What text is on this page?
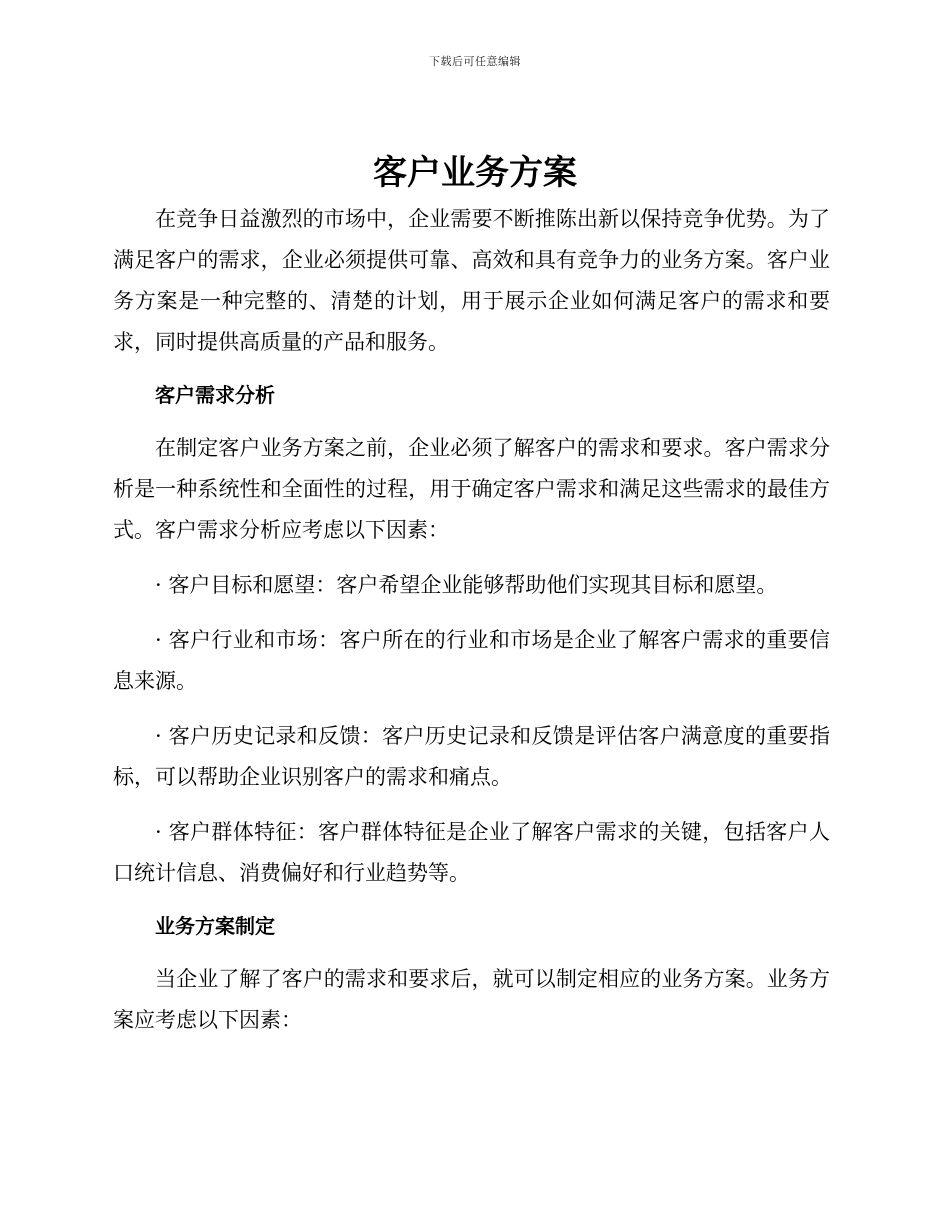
下载后可任意编辑
客户业务方案

在竞争日益激烈的市场中，企业需要不断推陈出新以保持竞争优势。为了满足客户的需求，企业必须提供可靠、高效和具有竞争力的业务方案。客户业务方案是一种完整的、清楚的计划，用于展示企业如何满足客户的需求和要求，同时提供高质量的产品和服务。

客户需求分析

在制定客户业务方案之前，企业必须了解客户的需求和要求。客户需求分析是一种系统性和全面性的过程，用于确定客户需求和满足这些需求的最佳方式。客户需求分析应考虑以下因素：

· 客户目标和愿望：客户希望企业能够帮助他们实现其目标和愿望。

· 客户行业和市场：客户所在的行业和市场是企业了解客户需求的重要信息来源。

· 客户历史记录和反馈：客户历史记录和反馈是评估客户满意度的重要指标，可以帮助企业识别客户的需求和痛点。

· 客户群体特征：客户群体特征是企业了解客户需求的关键，包括客户人口统计信息、消费偏好和行业趋势等。

业务方案制定

当企业了解了客户的需求和要求后，就可以制定相应的业务方案。业务方案应考虑以下因素：
